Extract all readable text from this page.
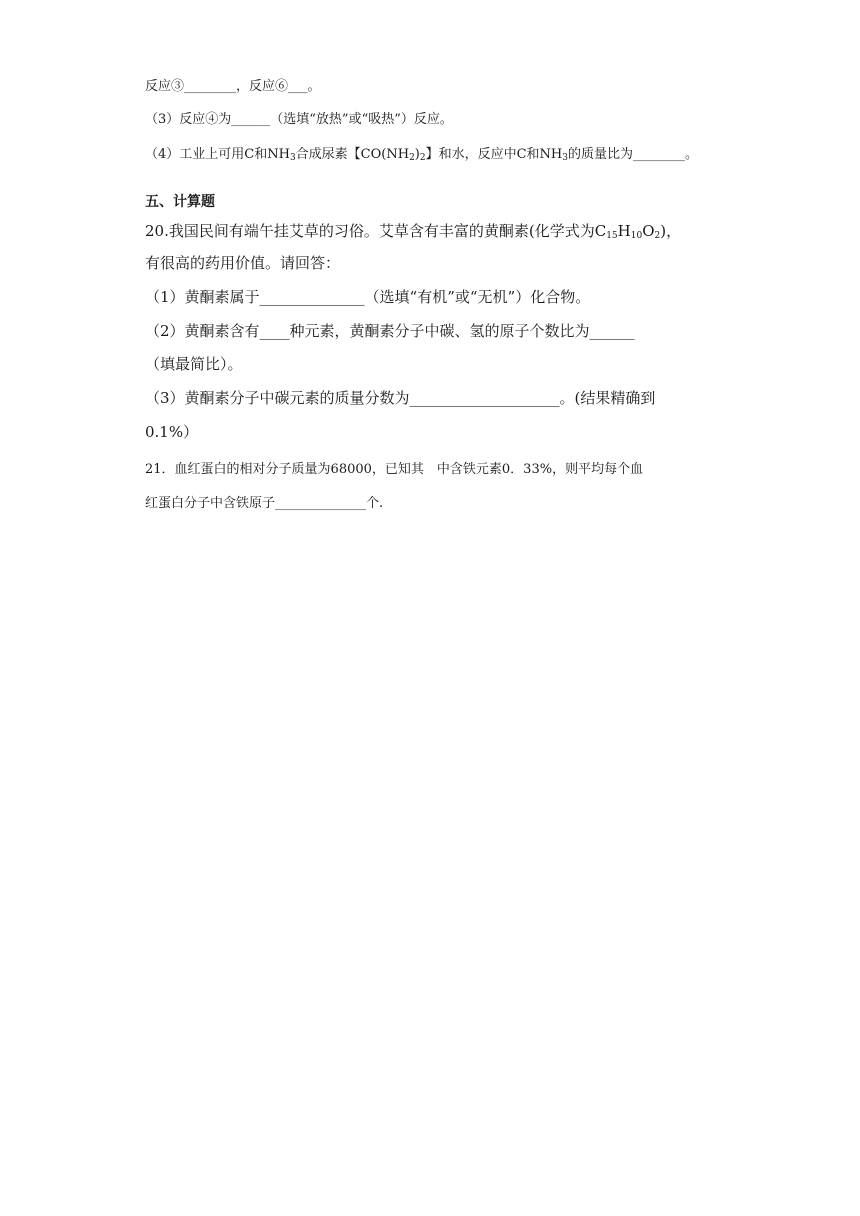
反应③________，反应⑥___。
（3）反应④为______（选填“放热”或“吸热”）反应。
（4）工业上可用C和$NH_3$合成尿素【$CO(NH_2)_2$】和水，反应中C和$NH_3$的质量比为________。
五、计算题
20.我国民间有端午挂艾草的习俗。艾草含有丰富的黄酮素(化学式为$C_{15}H_{10}O_2$)，
有很高的药用价值。请回答：
（1）黄酮素属于______________（选填“有机”或“无机”）化合物。
（2）黄酮素含有____种元素，黄酮素分子中碳、氢的原子个数比为______
（填最简比）。
（3）黄酮素分子中碳元素的质量分数为____________________。(结果精确到
0.1%）
21．血红蛋白的相对分子质量为68000，已知其　中含铁元素0．33%，则平均每个血
红蛋白分子中含铁原子______________个.
